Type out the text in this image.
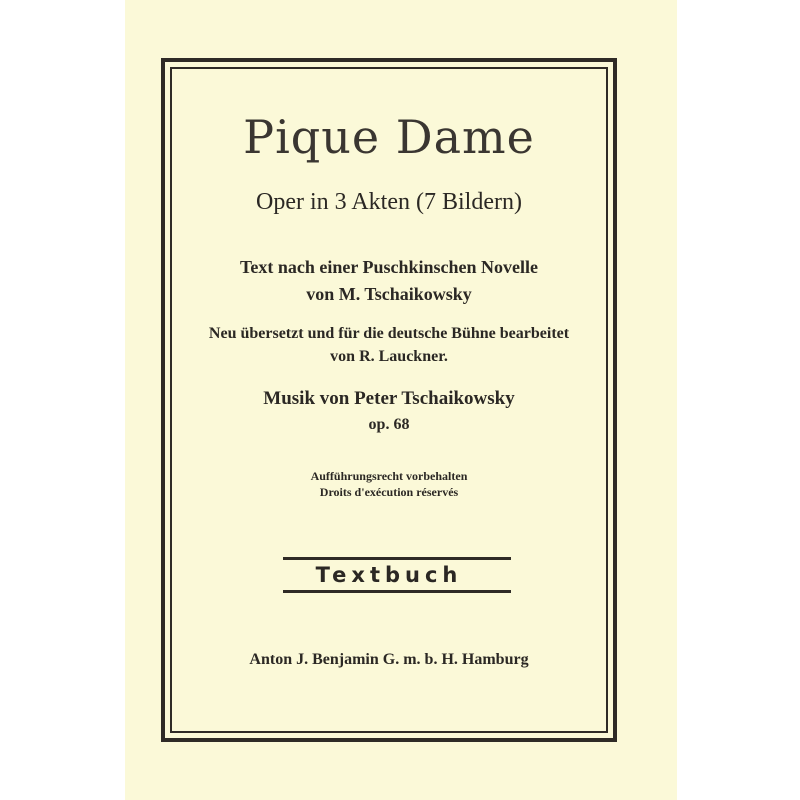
Pique Dame
Oper in 3 Akten (7 Bildern)
Text nach einer Puschkinschen Novelle
von M. Tschaikowsky
Neu übersetzt und für die deutsche Bühne bearbeitet
von R. Lauckner.
Musik von Peter Tschaikowsky
op. 68
Aufführungsrecht vorbehalten
Droits d'exécution réservés
Textbuch
Anton J. Benjamin G. m. b. H. Hamburg
